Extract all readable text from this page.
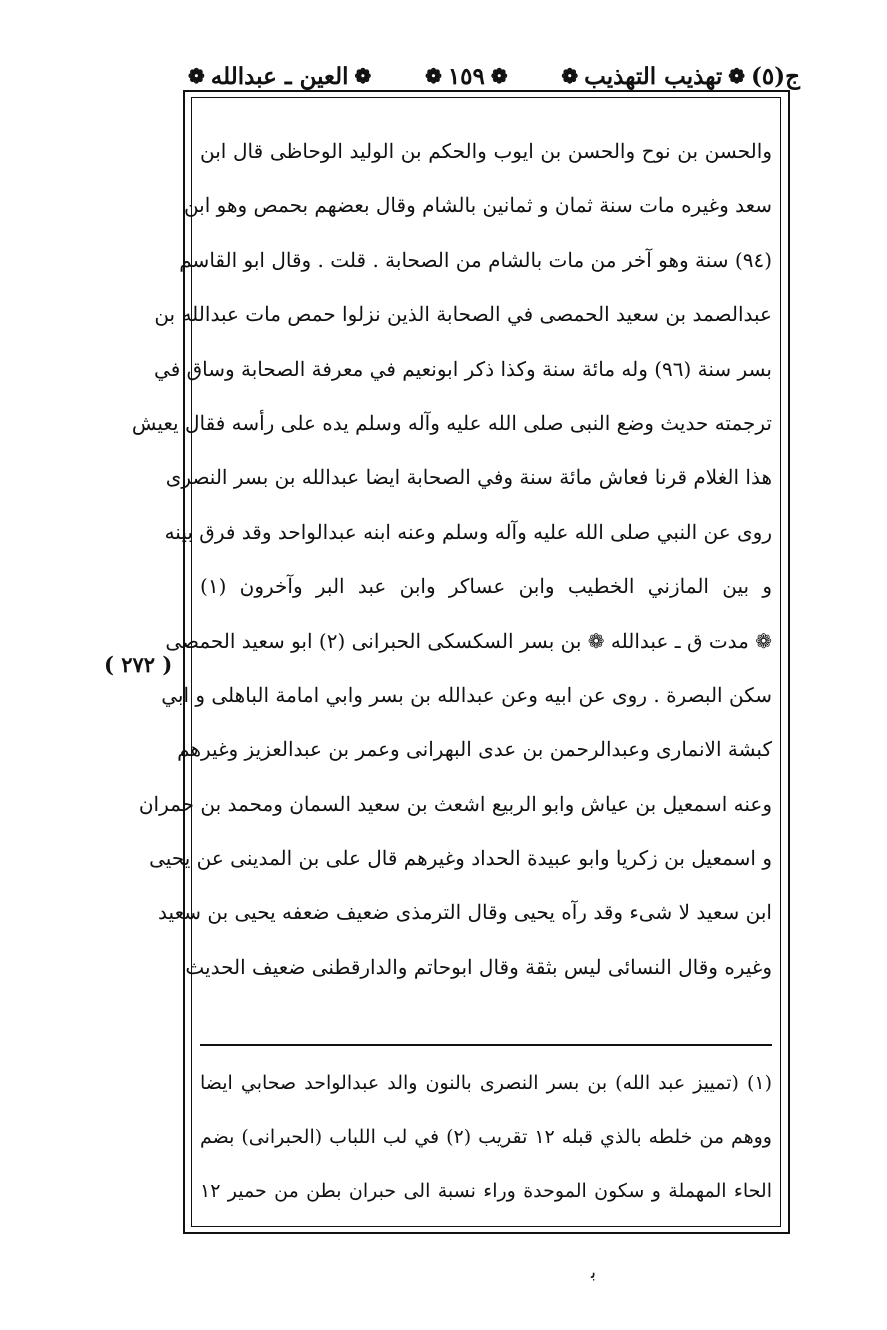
ج(٥)
❁
تهذيب التهذيب
❁
❁
١٥٩
❁
❁
العين ـ عبدالله
❁
( ٢٧٢ )
والحسن بن نوح والحسن بن ايوب والحكم بن الوليد الوحاظى قال ابن
سعد وغيره مات سنة ثمان و ثمانين بالشام وقال بعضهم بحمص وهو ابن
(٩٤) سنة وهو آخر من مات بالشام من الصحابة . قلت . وقال ابو القاسم
عبدالصمد بن سعيد الحمصى في الصحابة الذين نزلوا حمص مات عبدالله بن
بسر سنة (٩٦) وله مائة سنة وكذا ذكر ابونعيم في معرفة الصحابة وساق في
ترجمته حديث وضع النبى صلى الله عليه وآله وسلم يده على رأسه فقال يعيش
هذا الغلام قرنا فعاش مائة سنة وفي الصحابة ايضا عبدالله بن بسر النصرى
روى عن النبي صلى الله عليه وآله وسلم وعنه ابنه عبدالواحد وقد فرق بينه
و بين المازني الخطيب وابن عساكر وابن عبد البر وآخرون (١)
❁ مدت ق ـ عبدالله ❁ بن بسر السكسكى الحبرانى (٢) ابو سعيد الحمصى
سكن البصرة . روى عن ابيه وعن عبدالله بن بسر وابي امامة الباهلى و ابي
كبشة الانمارى وعبدالرحمن بن عدى البهرانى وعمر بن عبدالعزيز وغيرهم
وعنه اسمعيل بن عياش وابو الربيع اشعث بن سعيد السمان ومحمد بن حمران
و اسمعيل بن زكريا وابو عبيدة الحداد وغيرهم قال على بن المدينى عن يحيى
ابن سعيد لا شىء وقد رآه يحيى وقال الترمذى ضعيف ضعفه يحيى بن سعيد
وغيره وقال النسائى ليس بثقة وقال ابوحاتم والدارقطنى ضعيف الحديث
(١) (تمييز عبد الله) بن بسر النصرى بالنون والد عبدالواحد صحابي ايضا
ووهم من خلطه بالذي قبله ١٢ تقريب (٢) في لب اللباب (الحبرانى) بضم
الحاء المهملة و سكون الموحدة وراء نسبة الى حبران بطن من حمير ١٢
ﺑ
